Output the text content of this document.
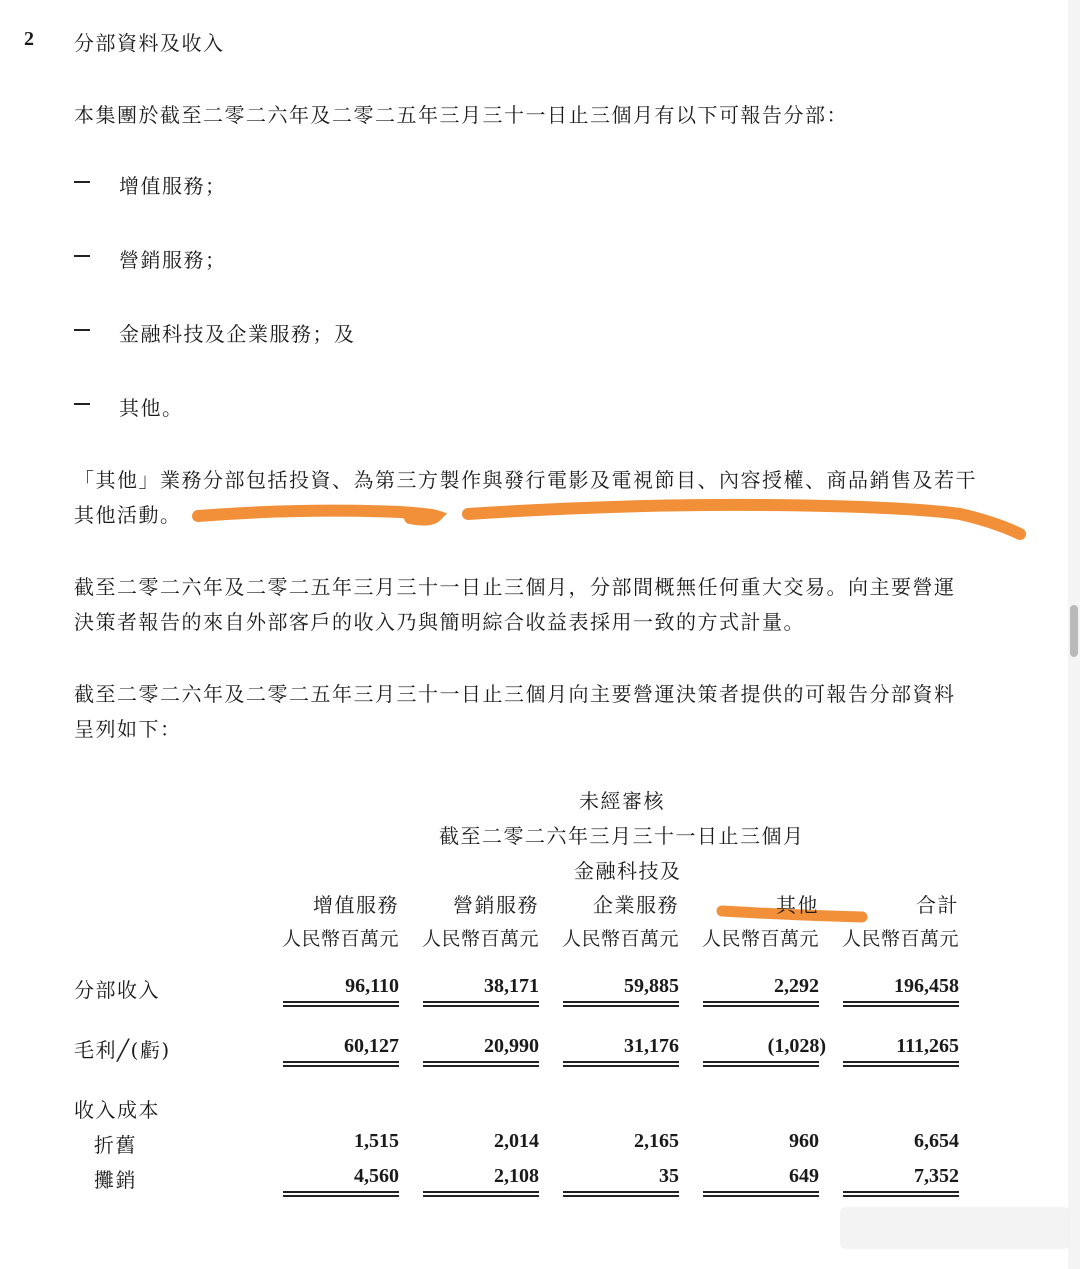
2 分部資料及收入
本集團於截至二零二六年及二零二五年三月三十一日止三個月有以下可報告分部：
增值服務；
營銷服務；
金融科技及企業服務；及
其他。
「其他」業務分部包括投資、為第三方製作與發行電影及電視節目、內容授權、商品銷售及若干
其他活動。
截至二零二六年及二零二五年三月三十一日止三個月，分部間概無任何重大交易。向主要營運
決策者報告的來自外部客戶的收入乃與簡明綜合收益表採用一致的方式計量。
截至二零二六年及二零二五年三月三十一日止三個月向主要營運決策者提供的可報告分部資料
呈列如下：
未經審核
截至二零二六年三月三十一日止三個月
金融科技及
增值服務	營銷服務	企業服務	其他	合計
人民幣百萬元	人民幣百萬元	人民幣百萬元	人民幣百萬元	人民幣百萬元
分部收入	96,110	38,171	59,885	2,292	196,458
毛利╱(虧)	60,127	20,990	31,176	(1,028)	111,265
收入成本
折舊	1,515	2,014	2,165	960	6,654
攤銷	4,560	2,108	35	649	7,352
